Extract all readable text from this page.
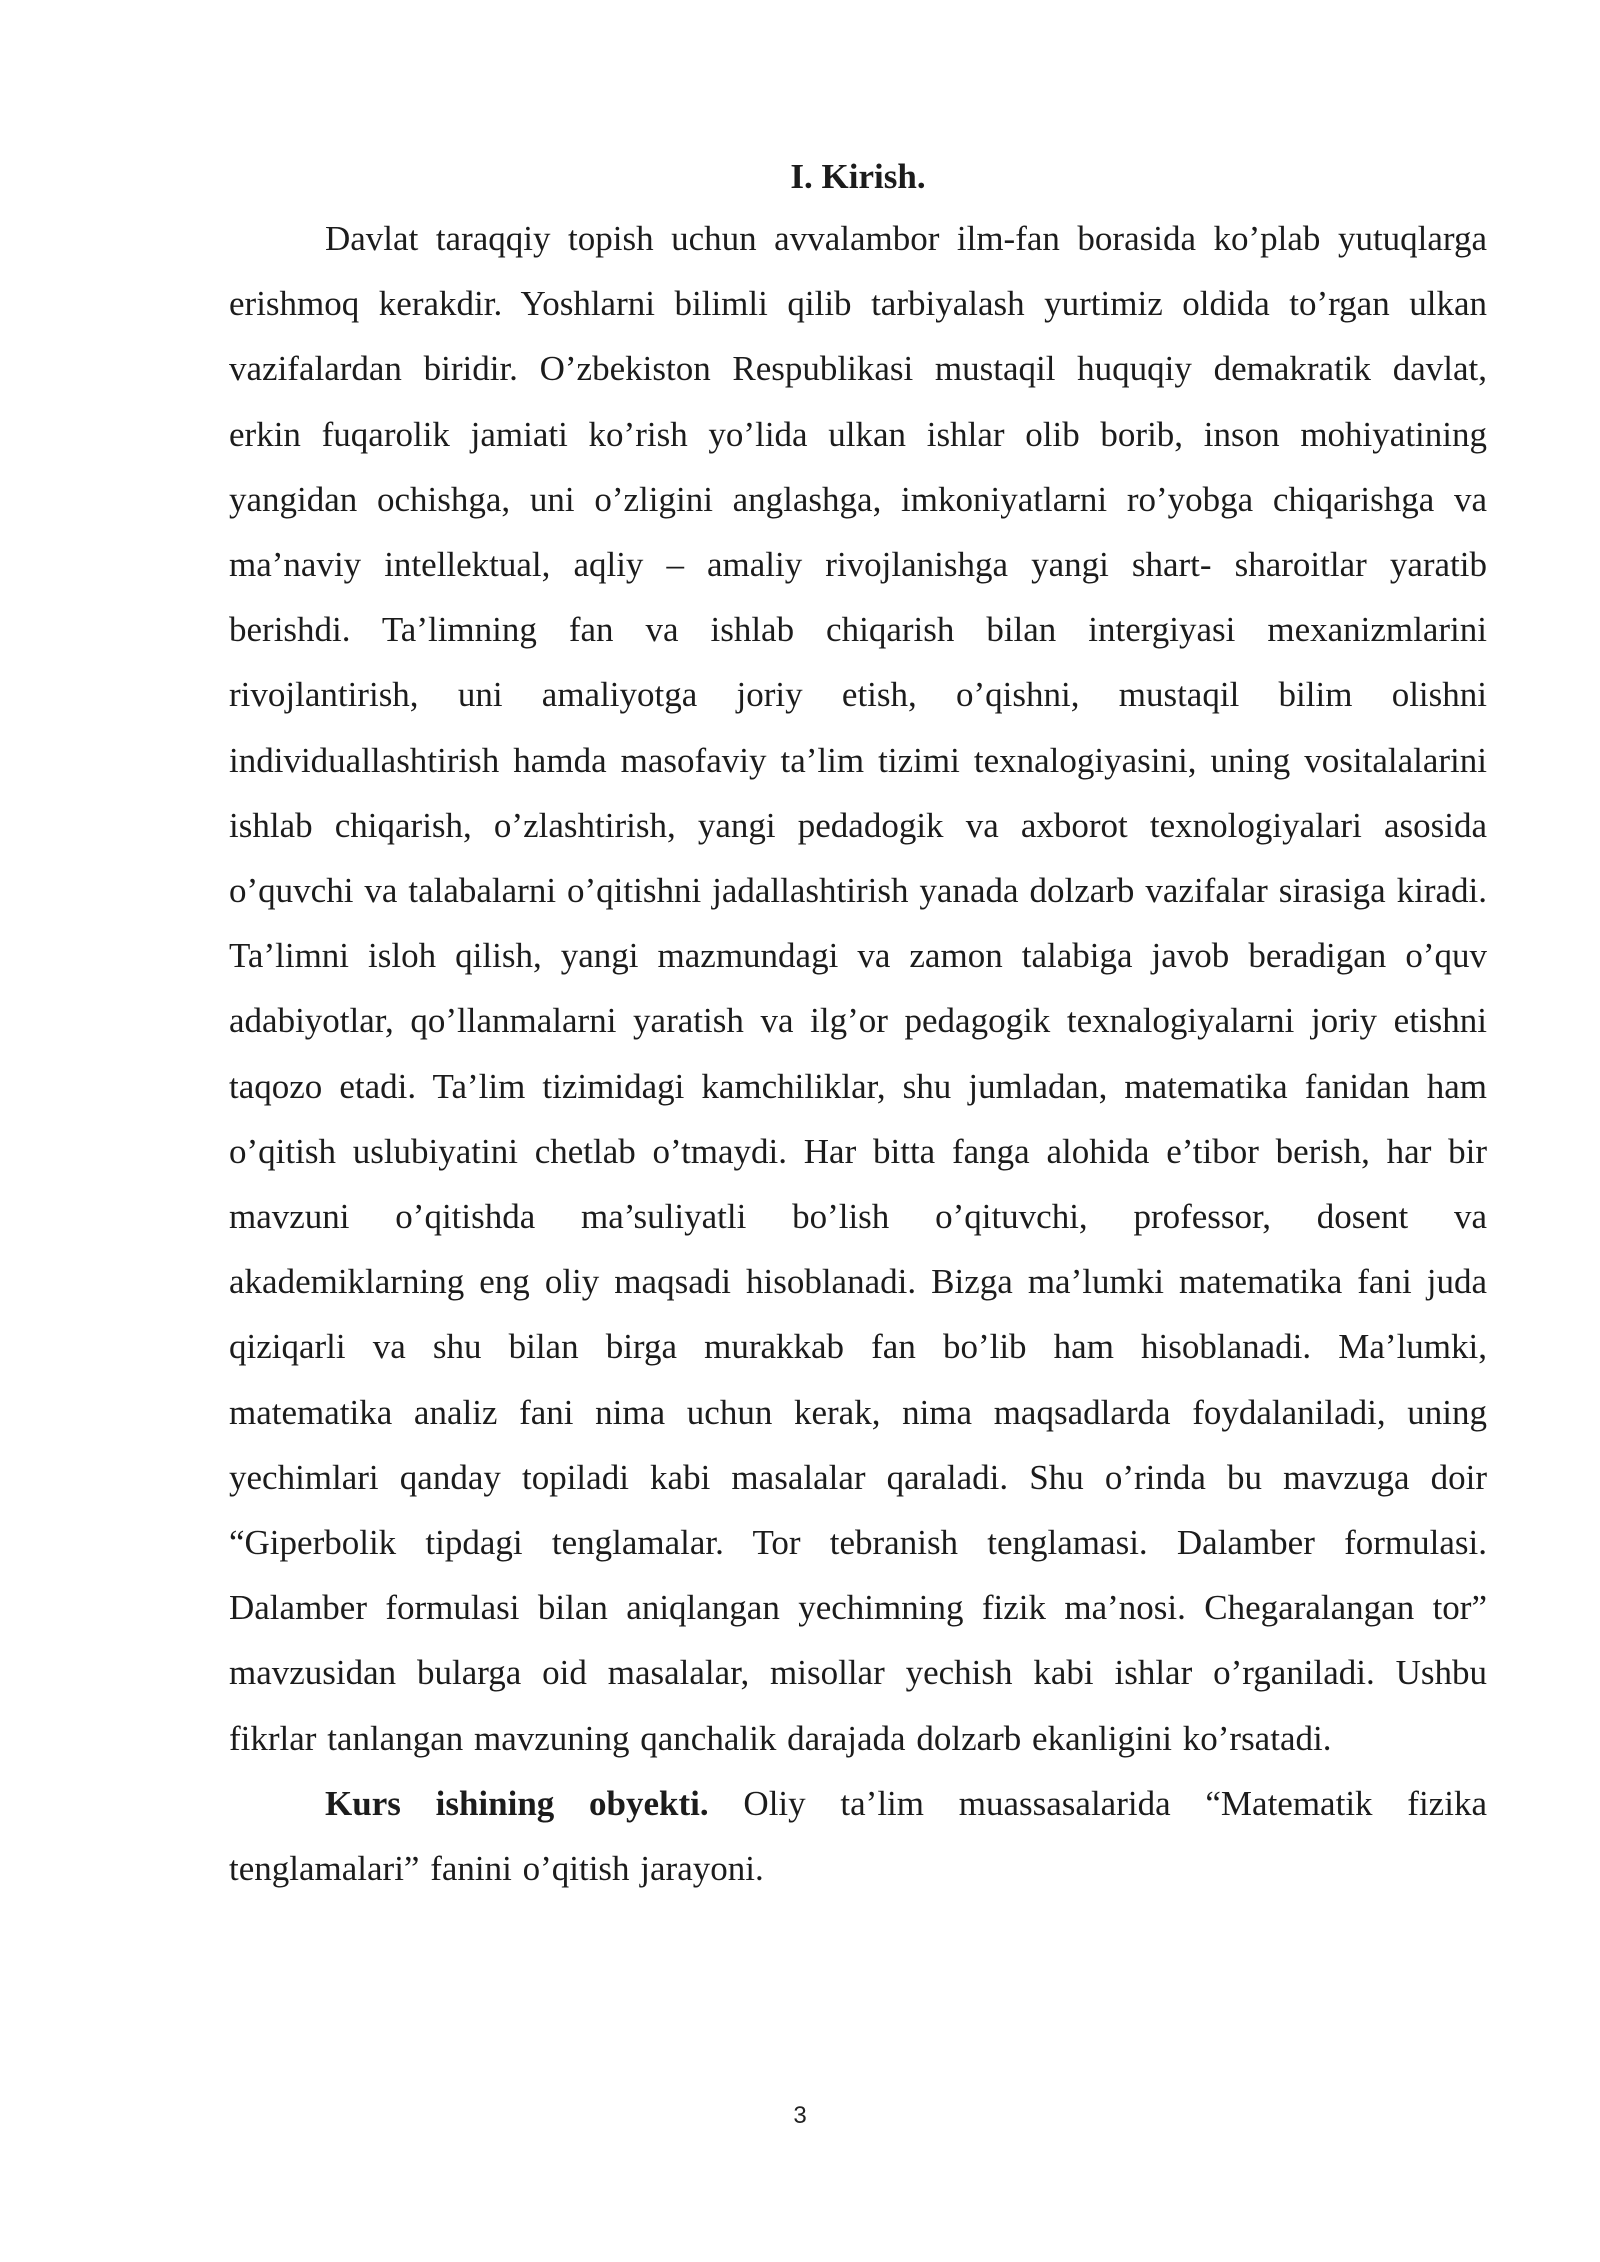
I. Kirish.

Davlat taraqqiy topish uchun avvalambor ilm-fan borasida ko’plab yutuqlarga erishmoq kerakdir. Yoshlarni bilimli qilib tarbiyalash yurtimiz oldida to’rgan ulkan vazifalardan biridir. O’zbekiston Respublikasi mustaqil huquqiy demakratik davlat, erkin fuqarolik jamiati ko’rish yo’lida ulkan ishlar olib borib, inson mohiyatining yangidan ochishga, uni o’zligini anglashga, imkoniyatlarni ro’yobga chiqarishga va ma’naviy intellektual, aqliy – amaliy rivojlanishga yangi shart- sharoitlar yaratib berishdi. Ta’limning fan va ishlab chiqarish bilan intergiyasi mexanizmlarini rivojlantirish, uni amaliyotga joriy etish, o’qishni, mustaqil bilim olishni individuallashtirish hamda masofaviy ta’lim tizimi texnalogiyasini, uning vositalalarini ishlab chiqarish, o’zlashtirish, yangi pedadogik va axborot texnologiyalari asosida o’quvchi va talabalarni o’qitishni jadallashtirish yanada dolzarb vazifalar sirasiga kiradi. Ta’limni isloh qilish, yangi mazmundagi va zamon talabiga javob beradigan o’quv adabiyotlar, qo’llanmalarni yaratish va ilg’or pedagogik texnalogiyalarni joriy etishni taqozo etadi. Ta’lim tizimidagi kamchiliklar, shu jumladan, matematika fanidan ham o’qitish uslubiyatini chetlab o’tmaydi. Har bitta fanga alohida e’tibor berish, har bir mavzuni o’qitishda ma’suliyatli bo’lish o’qituvchi, professor, dosent va akademiklarning eng oliy maqsadi hisoblanadi. Bizga ma’lumki matematika fani juda qiziqarli va shu bilan birga murakkab fan bo’lib ham hisoblanadi. Ma’lumki, matematika analiz fani nima uchun kerak, nima maqsadlarda foydalaniladi, uning yechimlari qanday topiladi kabi masalalar qaraladi. Shu o’rinda bu mavzuga doir “Giperbolik tipdagi tenglamalar. Tor tebranish tenglamasi. Dalamber formulasi. Dalamber formulasi bilan aniqlangan yechimning fizik ma’nosi. Chegaralangan tor” mavzusidan bularga oid masalalar, misollar yechish kabi ishlar o’rganiladi. Ushbu fikrlar tanlangan mavzuning qanchalik darajada dolzarb ekanligini ko’rsatadi.

Kurs ishining obyekti. Oliy ta’lim muassasalarida “Matematik fizika tenglamalari” fanini o’qitish jarayoni.

3
